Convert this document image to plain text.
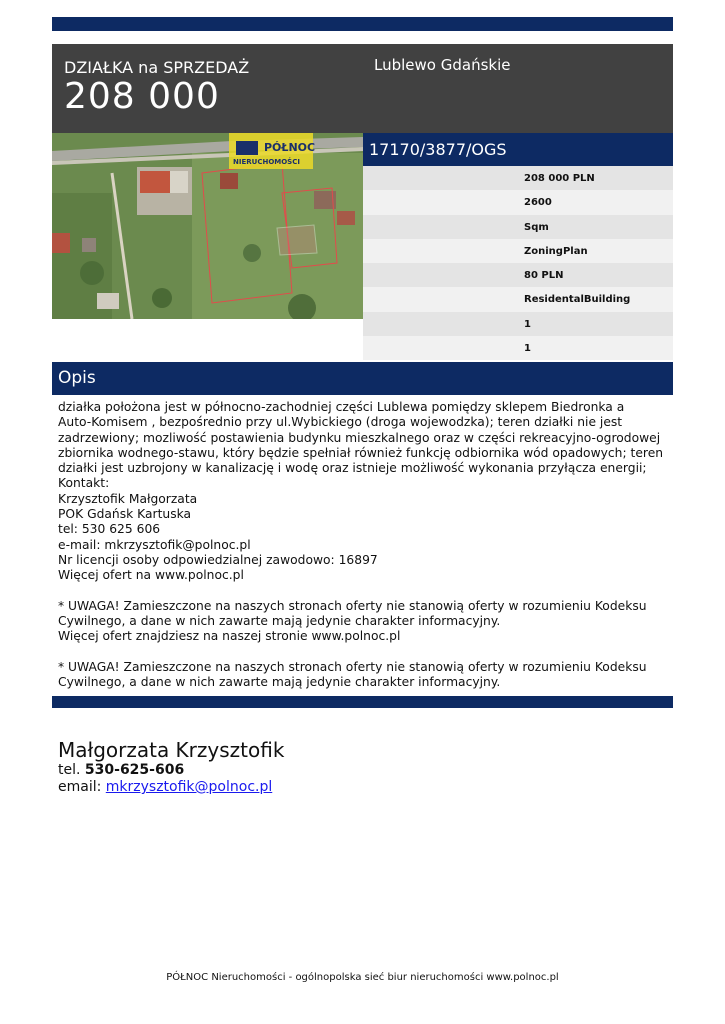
DZIAŁKA na SPRZEDAŻ
208 000
Lublewo Gdańskie
PÓŁNOC
NIERUCHOMOŚCI
17170/3877/OGS
208 000 PLN
2600
Sqm
ZoningPlan
80 PLN
ResidentalBuilding
1
1
Opis

działka położona jest w północno-zachodniej części Lublewa pomiędzy sklepem Biedronka a

Auto-Komisem , bezpośrednio przy ul.Wybickiego (droga wojewodzka); teren działki nie jest

zadrzewiony; mozliwość postawienia budynku mieszkalnego oraz w części rekreacyjno-ogrodowej

zbiornika wodnego-stawu, który będzie spełniał również funkcję odbiornika wód opadowych; teren

działki jest uzbrojony w kanalizację i wodę oraz istnieje możliwość wykonania przyłącza energii;

Kontakt:

Krzysztofik Małgorzata

POK Gdańsk Kartuska

tel: 530 625 606

e-mail: mkrzysztofik@polnoc.pl

Nr licencji osoby odpowiedzialnej zawodowo: 16897

Więcej ofert na www.polnoc.pl

* UWAGA! Zamieszczone na naszych stronach oferty nie stanowią oferty w rozumieniu Kodeksu

Cywilnego, a dane w nich zawarte mają jedynie charakter informacyjny.

Więcej ofert znajdziesz na naszej stronie www.polnoc.pl

* UWAGA! Zamieszczone na naszych stronach oferty nie stanowią oferty w rozumieniu Kodeksu

Cywilnego, a dane w nich zawarte mają jedynie charakter informacyjny.

Małgorzata Krzysztofik
tel. 530-625-606
email: mkrzysztofik@polnoc.pl
PÓŁNOC Nieruchomości - ogólnopolska sieć biur nieruchomości www.polnoc.pl
